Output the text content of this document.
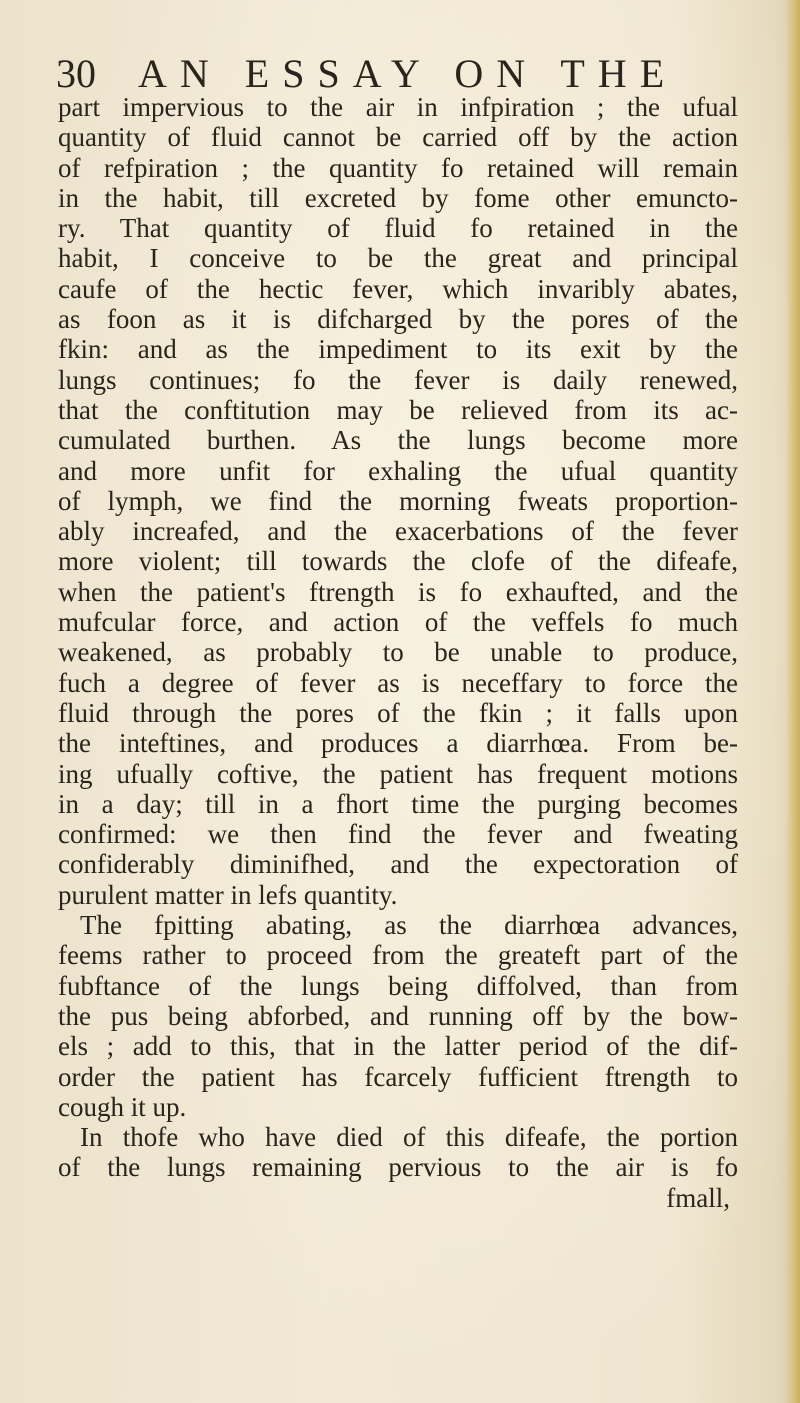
30 AN ESSAY ON THE
part impervious to the air in infpiration ; the ufual
quantity of fluid cannot be carried off by the action
of refpiration ; the quantity fo retained will remain
in the habit, till excreted by fome other emuncto-
ry. That quantity of fluid fo retained in the
habit, I conceive to be the great and principal
caufe of the hectic fever, which invaribly abates,
as foon as it is difcharged by the pores of the
fkin: and as the impediment to its exit by the
lungs continues; fo the fever is daily renewed,
that the conftitution may be relieved from its ac-
cumulated burthen. As the lungs become more
and more unfit for exhaling the ufual quantity
of lymph, we find the morning fweats proportion-
ably increafed, and the exacerbations of the fever
more violent; till towards the clofe of the difeafe,
when the patient's ftrength is fo exhaufted, and the
mufcular force, and action of the veffels fo much
weakened, as probably to be unable to produce,
fuch a degree of fever as is neceffary to force the
fluid through the pores of the fkin ; it falls upon
the inteftines, and produces a diarrhœa. From be-
ing ufually coftive, the patient has frequent motions
in a day; till in a fhort time the purging becomes
confirmed: we then find the fever and fweating
confiderably diminifhed, and the expectoration of
purulent matter in lefs quantity.
The fpitting abating, as the diarrhœa advances,
feems rather to proceed from the greateft part of the
fubftance of the lungs being diffolved, than from
the pus being abforbed, and running off by the bow-
els ; add to this, that in the latter period of the dif-
order the patient has fcarcely fufficient ftrength to
cough it up.
In thofe who have died of this difeafe, the portion
of the lungs remaining pervious to the air is fo
fmall,
